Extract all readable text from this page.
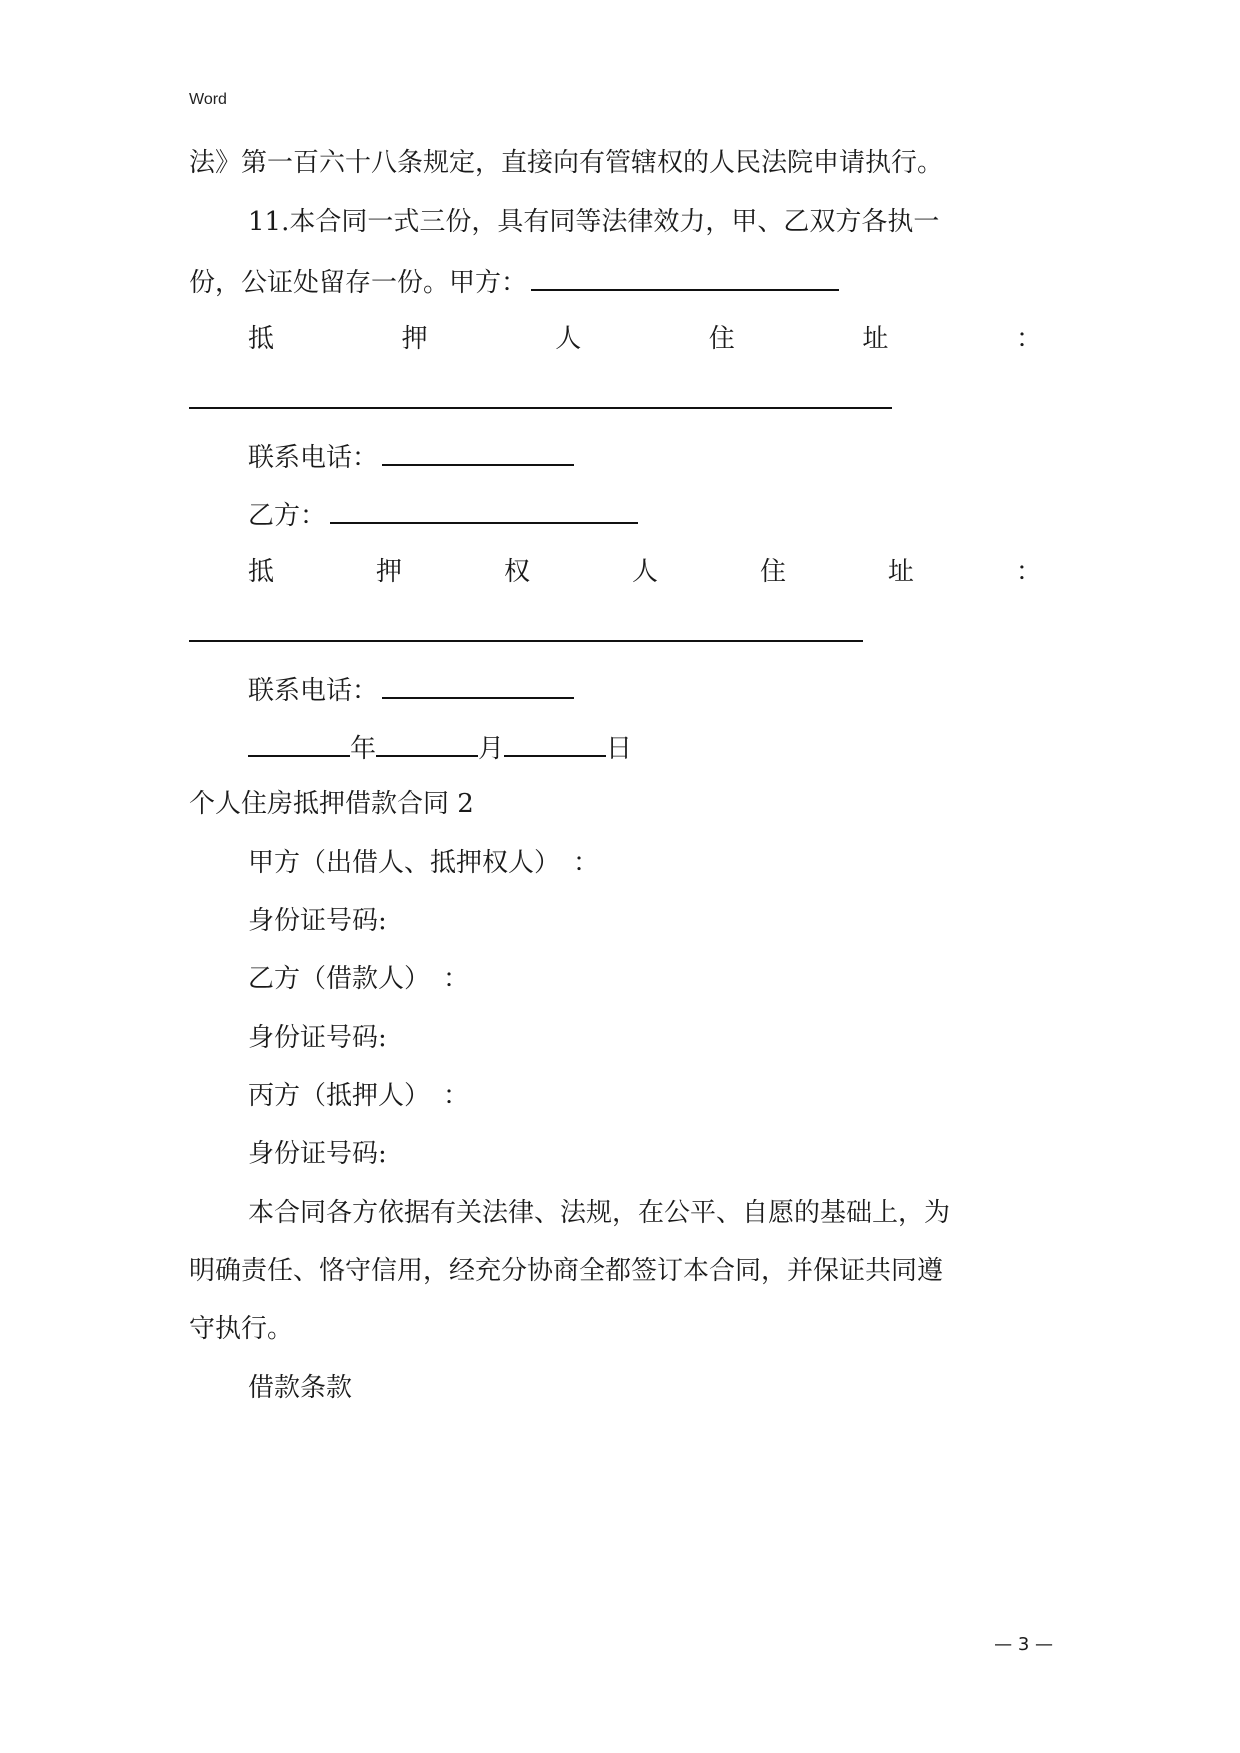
Word
法》第一百六十八条规定，直接向有管辖权的人民法院申请执行。
11.本合同一式三份，具有同等法律效力，甲、乙双方各执一
份，公证处留存一份。甲方：
抵	押	人	住	址	：
联系电话：
乙方：
抵	押	权	人	住	址	：
联系电话：
年	月	日
个人住房抵押借款合同 2
甲方（出借人、抵押权人）　：
身份证号码:
乙方（借款人）　：
身份证号码:
丙方（抵押人）　：
身份证号码:
本合同各方依据有关法律、法规，在公平、自愿的基础上，为
明确责任、恪守信用，经充分协商全都签订本合同，并保证共同遵
守执行。
借款条款
— 3 —
